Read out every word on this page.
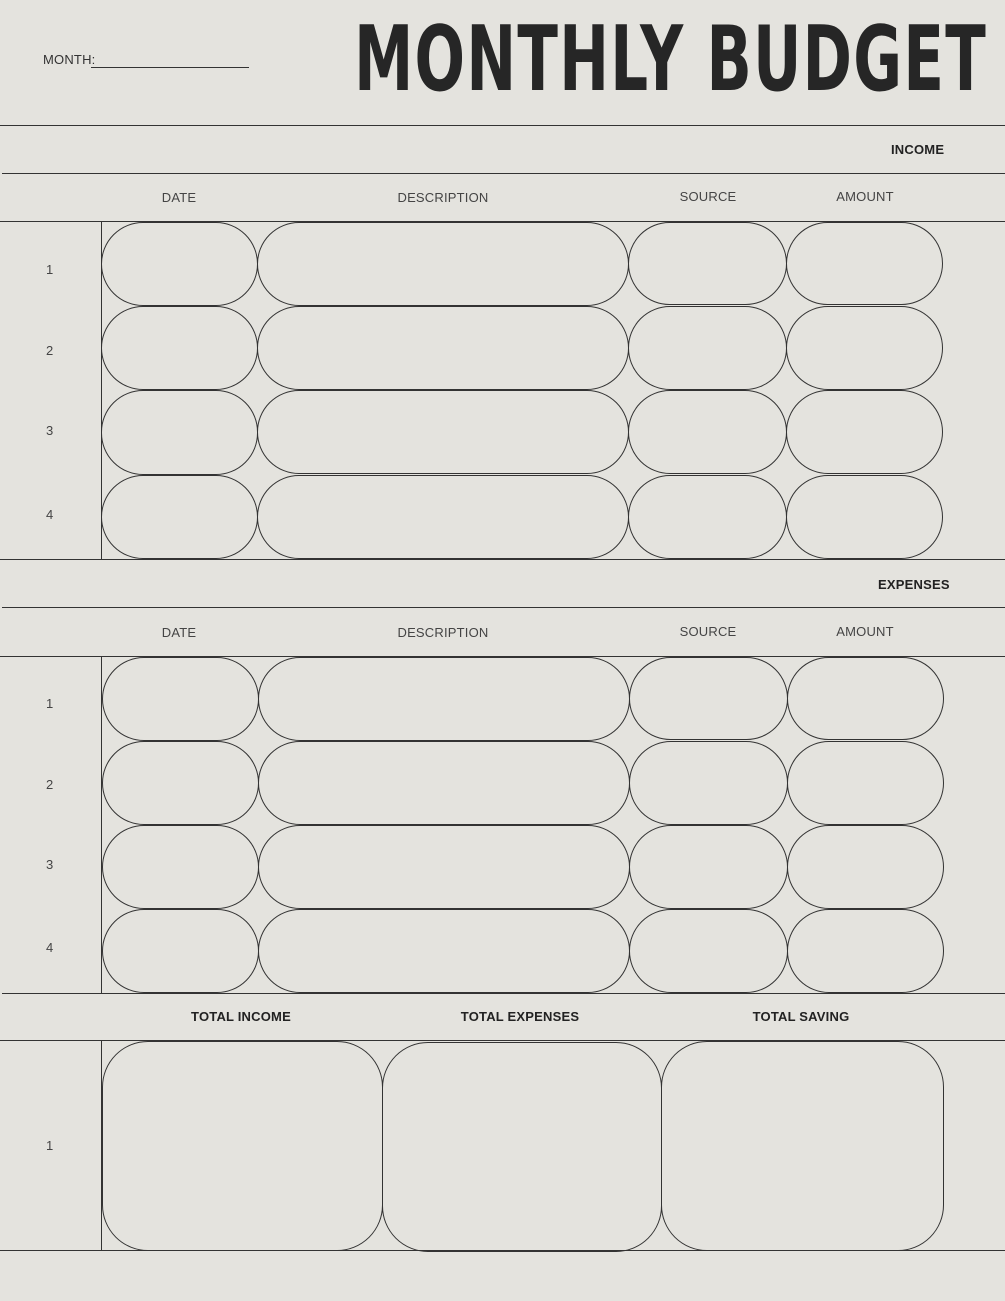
MONTH:	MONTHLY BUDGET
INCOME
DATE	DESCRIPTION	SOURCE	AMOUNT
1
2
3
4
EXPENSES
DATE	DESCRIPTION	SOURCE	AMOUNT
1
2
3
4
TOTAL INCOME	TOTAL EXPENSES	TOTAL SAVING
1
